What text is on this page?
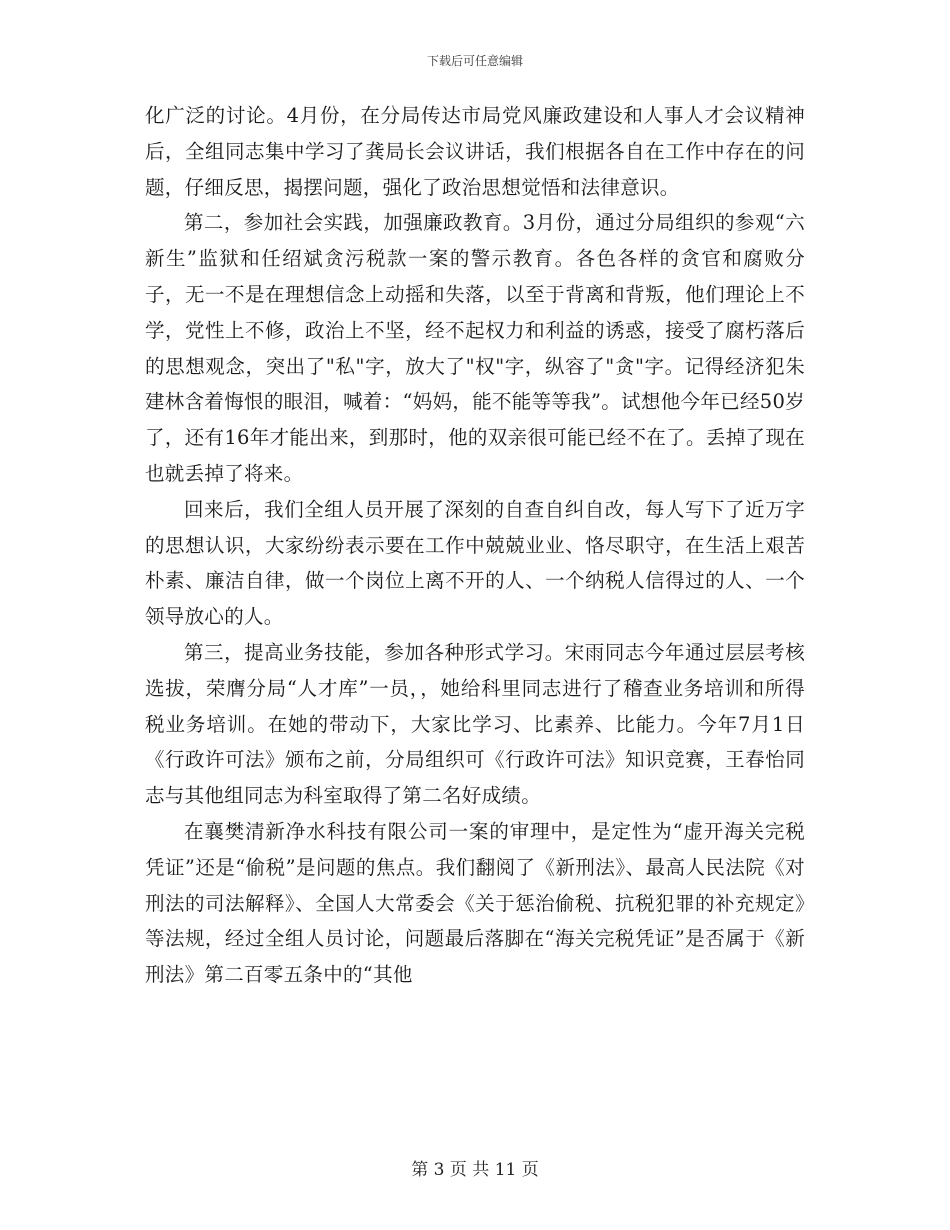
下载后可任意编辑

化广泛的讨论。4月份，在分局传达市局党风廉政建设和人事人才会议精神后，全组同志集中学习了龚局长会议讲话，我们根据各自在工作中存在的问题，仔细反思，揭摆问题，强化了政治思想觉悟和法律意识。

第二，参加社会实践，加强廉政教育。3月份，通过分局组织的参观“六新生”监狱和任绍斌贪污税款一案的警示教育。各色各样的贪官和腐败分子，无一不是在理想信念上动摇和失落，以至于背离和背叛，他们理论上不学，党性上不修，政治上不坚，经不起权力和利益的诱惑，接受了腐朽落后的思想观念，突出了"私"字，放大了"权"字，纵容了"贪"字。记得经济犯朱建林含着悔恨的眼泪，喊着：“妈妈，能不能等等我”。试想他今年已经50岁了，还有16年才能出来，到那时，他的双亲很可能已经不在了。丢掉了现在也就丢掉了将来。

回来后，我们全组人员开展了深刻的自查自纠自改，每人写下了近万字的思想认识，大家纷纷表示要在工作中兢兢业业、恪尽职守，在生活上艰苦朴素、廉洁自律，做一个岗位上离不开的人、一个纳税人信得过的人、一个领导放心的人。

第三，提高业务技能，参加各种形式学习。宋雨同志今年通过层层考核选拔，荣膺分局“人才库”一员，，她给科里同志进行了稽查业务培训和所得税业务培训。在她的带动下，大家比学习、比素养、比能力。今年7月1日《行政许可法》颁布之前，分局组织可《行政许可法》知识竞赛，王春怡同志与其他组同志为科室取得了第二名好成绩。

在襄樊清新净水科技有限公司一案的审理中，是定性为“虚开海关完税凭证”还是“偷税”是问题的焦点。我们翻阅了《新刑法》、最高人民法院《对刑法的司法解释》、全国人大常委会《关于惩治偷税、抗税犯罪的补充规定》等法规，经过全组人员讨论，问题最后落脚在“海关完税凭证”是否属于《新刑法》第二百零五条中的“其他

第 3 页 共 11 页
